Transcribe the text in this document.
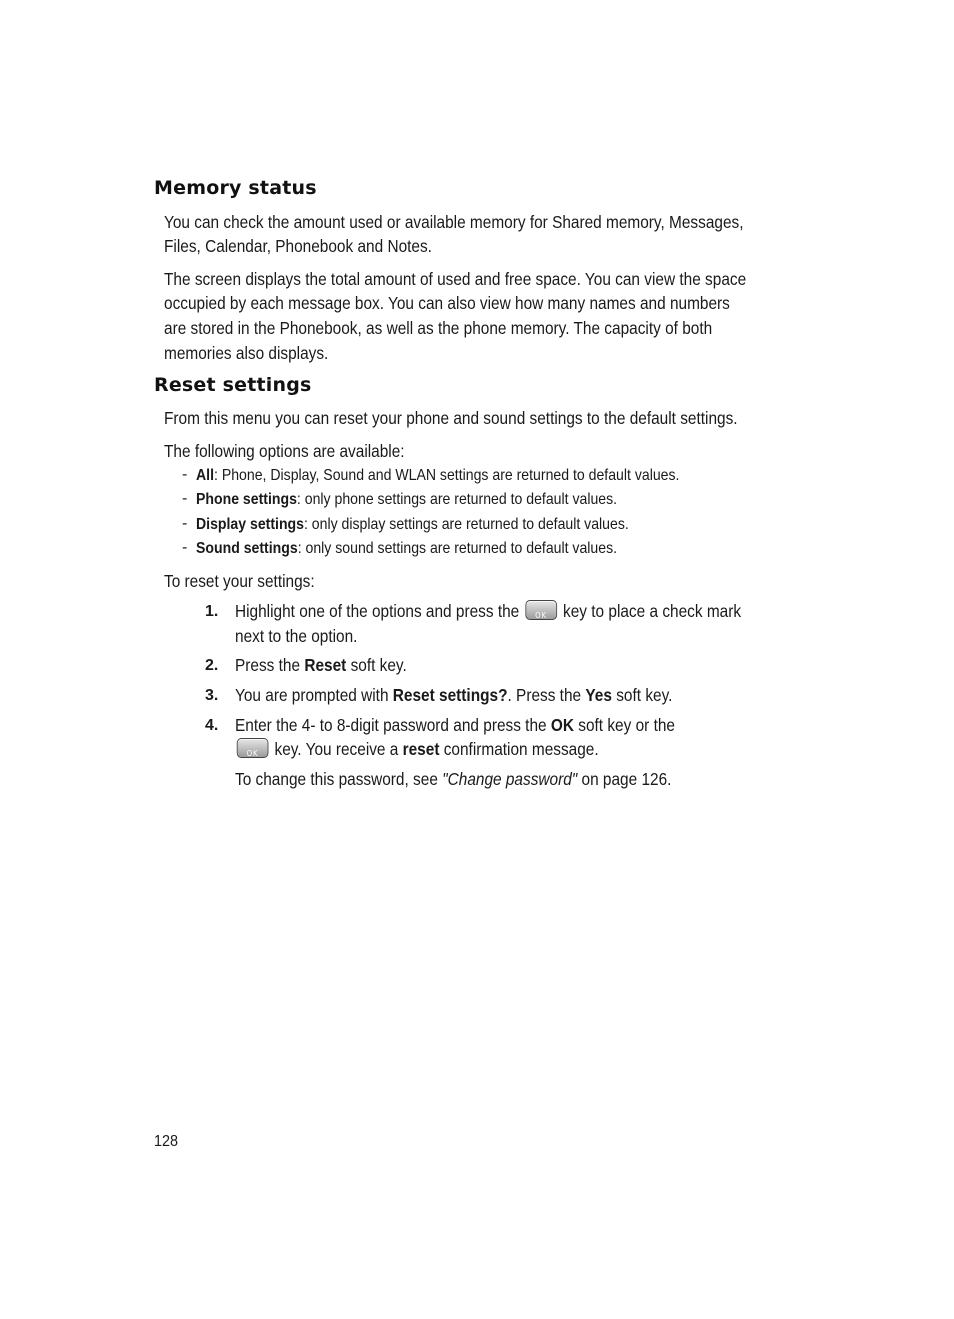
Memory status

You can check the amount used or available memory for Shared memory, Messages,

Files, Calendar, Phonebook and Notes.

The screen displays the total amount of used and free space. You can view the space

occupied by each message box. You can also view how many names and numbers

are stored in the Phonebook, as well as the phone memory. The capacity of both

memories also displays.

Reset settings

From this menu you can reset your phone and sound settings to the default settings.

The following options are available:

- All: Phone, Display, Sound and WLAN settings are returned to default values.

- Phone settings: only phone settings are returned to default values.

- Display settings: only display settings are returned to default values.

- Sound settings: only sound settings are returned to default values.

To reset your settings:

1. Highlight one of the options and press the	OK key to place a check mark

next to the option.

2. Press the Reset soft key.

3. You are prompted with Reset settings?. Press the Yes soft key.

4. Enter the 4- to 8-digit password and press the OK soft key or the

OK key. You receive a reset confirmation message.

To change this password, see "Change password" on page 126.

128
